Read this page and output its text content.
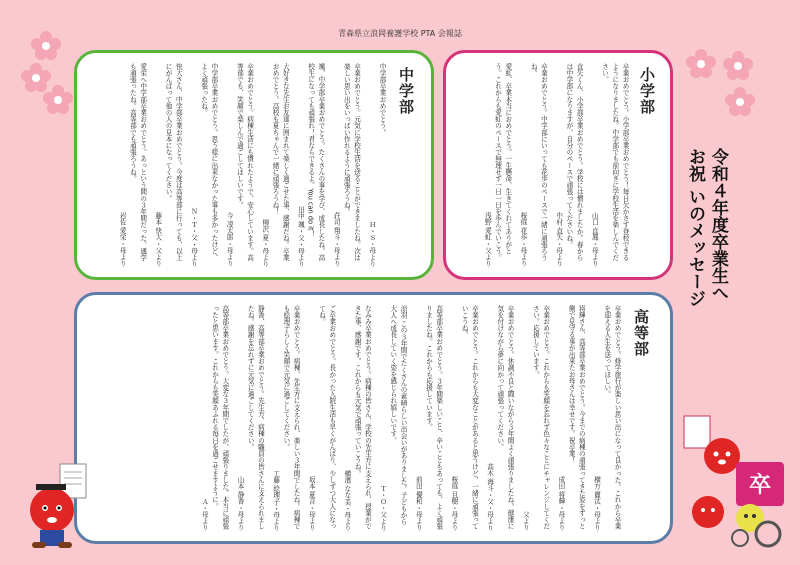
青森県立浪岡養護学校 PTA 会報誌
中学部
中学部卒業おめでとう。
Ｈ・Ｓ・母より
卒業おめでとう。元気に学校生活を送ることができましたね。次は楽しい思い出をいっぱい作れるように頑張ろうね。
荘司 翔斗・母より
颯、中学部卒業おめでとう。たくさんの事を学び、成長したね。高校生になっても頑張れ！君ならできるよ。You can do it！
田中 颯・父・母より
大好きな先生お友達に囲まれて楽しく過ごせた事、感謝だね。卒業おめでとう。高校も夏ちゃんで一緒に頑張ろうね！
柳沢 夏・母より
卒業おめでとう。病棟生活にも慣れたようで、安心しています。高等部でも、笑顔で楽しんで過ごしてほしいです。
今 凌太郎・母より
中学部卒業おめでとう。思う様に出来なかった事も多かったけど、よく頑張ったね。
Ｎ・Ｔ・父・母より
快大さん、中学部卒業おめでとう。今度は高等部に行っても、以上にがんばって他の人の見本になってください。
藤本 快大・父より
愛栄へ中学部卒業おめでとう。あっという間の３年間だった。通学も頑張ったね。高等部でも頑張ろうね。
岩佐 愛栄・母より
小学部
卒業おめでとう。小学部卒業おめでとう！毎日欠かさず登校できるようになりましたね。中学部でも前向きに学校生活を楽しんでください。
山口 直鳳・母より
直矢くん、小学部卒業おめでとう。学校には慣れましたか。春からは中学部になりますが、自分のペースで頑張ってくださいね。
中村 直矢・母より
卒業おめでとう。中学部にいっても花歩のペースで一緒に頑張ろうね。
桜庭 花歩・母より
愛虹、卒業本当におめでとう。一生懸命、生きてくれてありがとう。これからも愛虹のペースで無理せず一日一日を歩んでいこう。
浅野 愛虹・父より
高等部
卒業おめでとう。修学旅行が楽しい思い出になって良かった。これから卒業を迎える人生を送ってほしい。
横方 麗汰・母より
将輝さん、高等部卒業おめでとう。今までの病棟の頑張ってきた姿をずっと側で見守る事が出来たお母さんは幸せです。祝卒業！
成田 将輝・母より
卒業おめでとう。これからも笑顔を忘れず色々なことにチャレンジしてください。応援しています。
父より
卒業おめでとう。休調不良と闘いながら３年間よく頑張りましたね。健康に気を付けながら夢に向かって頑張ってください。
高木 海斗・父・母より
卒業おめでとう。これからも大変なことがあると思うけど、一緒に頑張っていこうね。
桜庭 且樹・母より
高等部卒業おめでとう。３年間楽しいこと、辛いこともあっても、よく頑張りましたね。これからも応援しています。
前田 優和・母より
涼羽 この３年間でたくさんの素晴らしい出会いがありました。子どもから大人へ成長していく姿を感じられ嬉しいです。
Ｔ・Ｏ・父より
なみみ卒業おめでとう。病棟の皆さん、学校の先生方に支えられ、授業ができた事、感謝です。これからも元気で頑張っていこうね。
横濱 なな美・母より
ご卒業おめでとう。長かった入院生活も早くがんばり、少しずつ大人になってね。
坂本 夏音・母より
卒業おめでとう。病棟、先生方に支えられ、楽しい３年間でしたね。病棟でも絵理子らしく笑顔で元気に過ごしてください。
工藤 絵理子・母より
静香、高等部卒業おめでとう。先生方、病棟の職員の皆さんに支えられましたね。感謝を忘れずに元気に過ごしてください。
山本 静香・母より
高等部卒業おめでとう。大変な３年間でしたが、頑張りました。本当に頑張ったと思います。これからも笑顔あふれる毎日を過ごせますように。
Ａ・母より
令和４年度卒業生へ
お祝 いのメッセージ
卒
